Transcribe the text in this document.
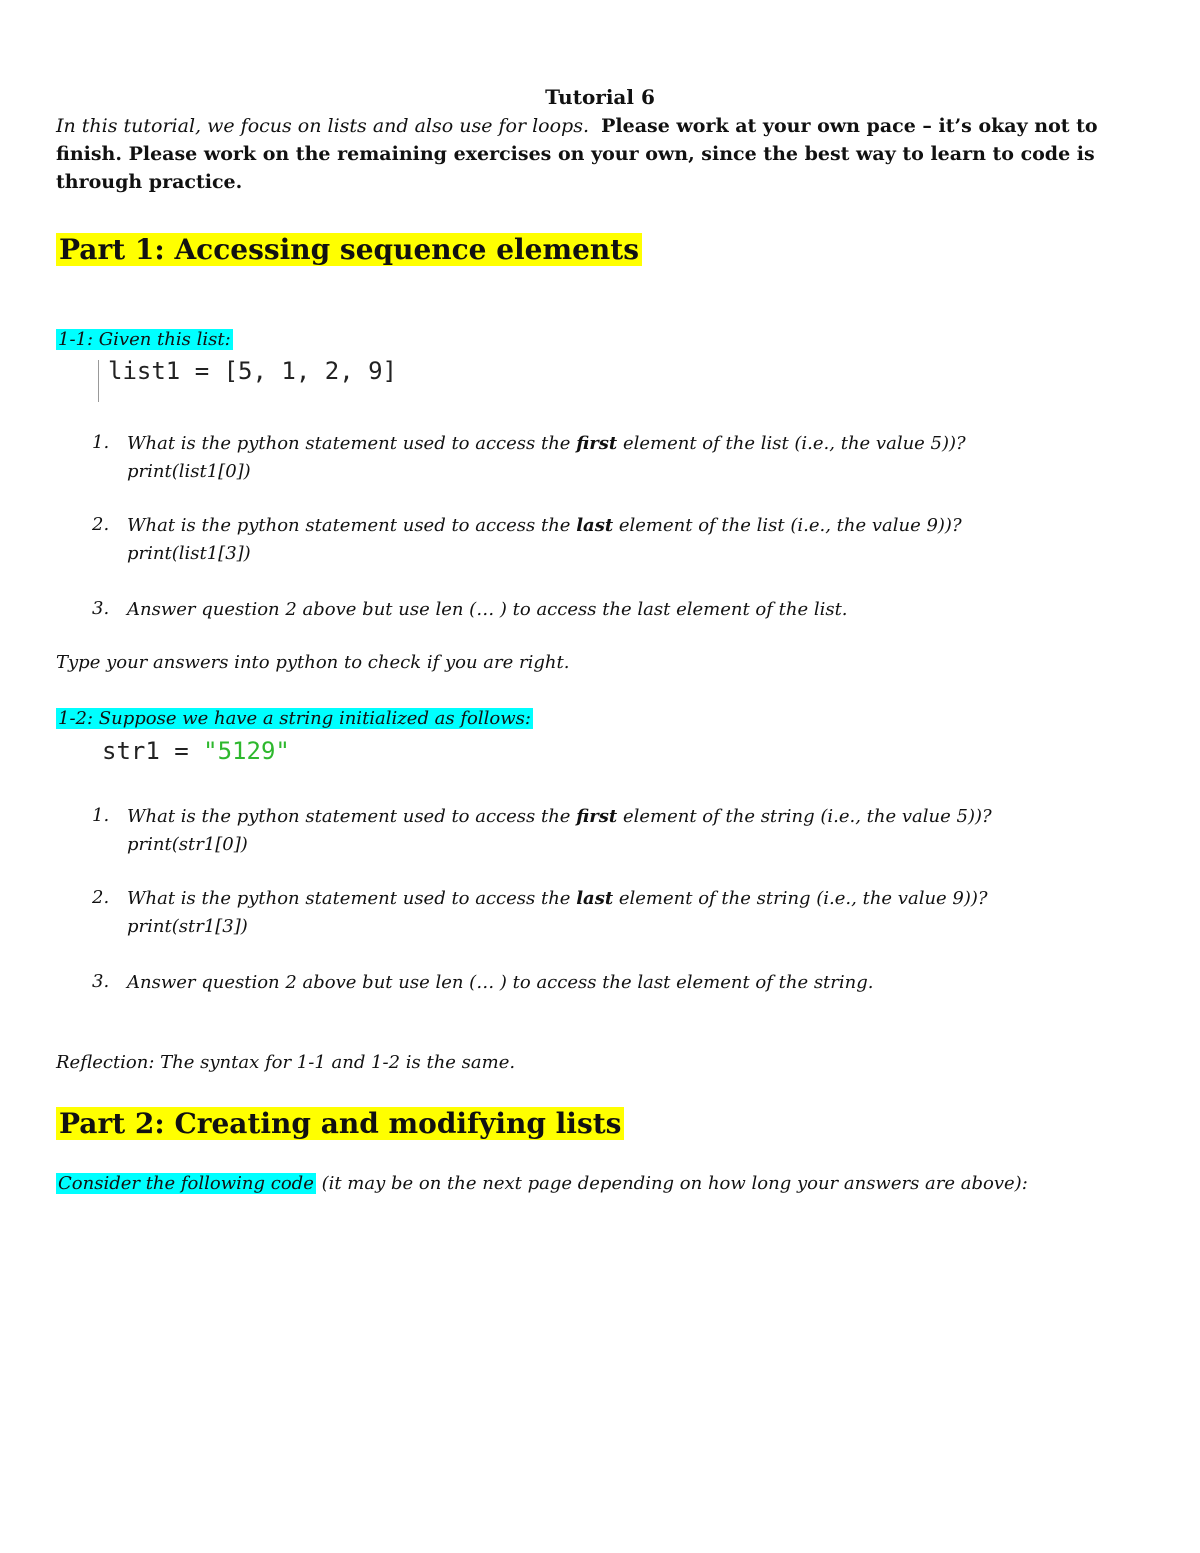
Tutorial 6
In this tutorial, we focus on lists and also use for loops. Please work at your own pace – it’s okay not to finish. Please work on the remaining exercises on your own, since the best way to learn to code is through practice.
Part 1: Accessing sequence elements
1-1: Given this list:
list1 = [5, 1, 2, 9]
1. What is the python statement used to access the first element of the list (i.e., the value 5))?
print(list1[0])
2. What is the python statement used to access the last element of the list (i.e., the value 9))?
print(list1[3])
3. Answer question 2 above but use len (… ) to access the last element of the list.
Type your answers into python to check if you are right.
1-2: Suppose we have a string initialized as follows:
str1 = "5129"
1. What is the python statement used to access the first element of the string (i.e., the value 5))?
print(str1[0])
2. What is the python statement used to access the last element of the string (i.e., the value 9))?
print(str1[3])
3. Answer question 2 above but use len (… ) to access the last element of the string.
Reflection: The syntax for 1-1 and 1-2 is the same.
Part 2: Creating and modifying lists
Consider the following code (it may be on the next page depending on how long your answers are above):
